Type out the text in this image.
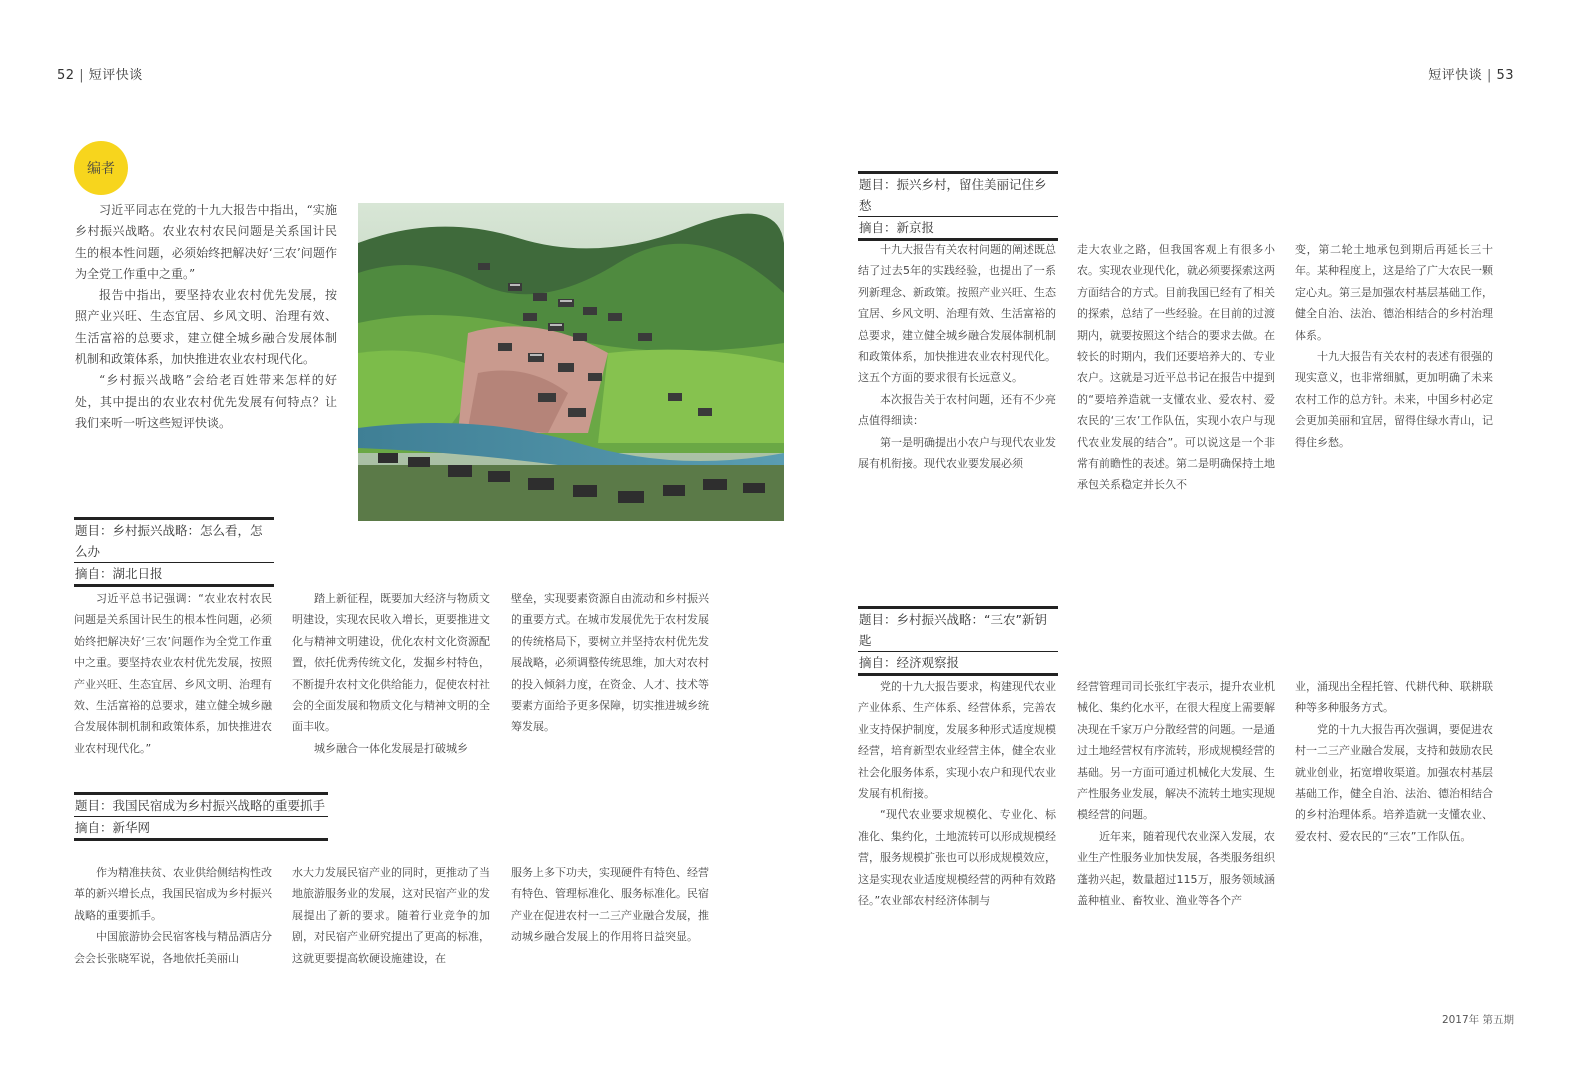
52 | 短评快谈	短评快谈 | 53
编者

习近平同志在党的十九大报告中指出，“实施乡村振兴战略。农业农村农民问题是关系国计民生的根本性问题，必须始终把解决好‘三农’问题作为全党工作重中之重。”

报告中指出，要坚持农业农村优先发展，按照产业兴旺、生态宜居、乡风文明、治理有效、生活富裕的总要求，建立健全城乡融合发展体制机制和政策体系，加快推进农业农村现代化。

“乡村振兴战略”会给老百姓带来怎样的好处，其中提出的农业农村优先发展有何特点？让我们来听一听这些短评快谈。

题目：乡村振兴战略：怎么看，怎么办
摘自：湖北日报

习近平总书记强调：“农业农村农民问题是关系国计民生的根本性问题，必须始终把解决好‘三农’问题作为全党工作重中之重。要坚持农业农村优先发展，按照产业兴旺、生态宜居、乡风文明、治理有效、生活富裕的总要求，建立健全城乡融合发展体制机制和政策体系，加快推进农业农村现代化。”

踏上新征程，既要加大经济与物质文明建设，实现农民收入增长，更要推进文化与精神文明建设，优化农村文化资源配置，依托优秀传统文化，发掘乡村特色，不断提升农村文化供给能力，促使农村社会的全面发展和物质文化与精神文明的全面丰收。

城乡融合一体化发展是打破城乡

壁垒，实现要素资源自由流动和乡村振兴的重要方式。在城市发展优先于农村发展的传统格局下，要树立并坚持农村优先发展战略，必须调整传统思维，加大对农村的投入倾斜力度，在资金、人才、技术等要素方面给予更多保障，切实推进城乡统筹发展。

题目：我国民宿成为乡村振兴战略的重要抓手
摘自：新华网

作为精准扶贫、农业供给侧结构性改革的新兴增长点，我国民宿成为乡村振兴战略的重要抓手。

中国旅游协会民宿客栈与精品酒店分会会长张晓军说，各地依托美丽山

水大力发展民宿产业的同时，更推动了当地旅游服务业的发展，这对民宿产业的发展提出了新的要求。随着行业竞争的加剧，对民宿产业研究提出了更高的标准，这就更要提高软硬设施建设，在

服务上多下功夫，实现硬件有特色、经营有特色、管理标准化、服务标准化。民宿产业在促进农村一二三产业融合发展，推动城乡融合发展上的作用将日益突显。

题目：振兴乡村，留住美丽记住乡愁
摘自：新京报

十九大报告有关农村问题的阐述既总结了过去5年的实践经验，也提出了一系列新理念、新政策。按照产业兴旺、生态宜居、乡风文明、治理有效、生活富裕的总要求，建立健全城乡融合发展体制机制和政策体系，加快推进农业农村现代化。这五个方面的要求很有长远意义。

本次报告关于农村问题，还有不少亮点值得细读：

第一是明确提出小农户与现代农业发展有机衔接。现代农业要发展必须

走大农业之路，但我国客观上有很多小农。实现农业现代化，就必须要探索这两方面结合的方式。目前我国已经有了相关的探索，总结了一些经验。在目前的过渡期内，就要按照这个结合的要求去做。在较长的时期内，我们还要培养大的、专业农户。这就是习近平总书记在报告中提到的“要培养造就一支懂农业、爱农村、爱农民的‘三农’工作队伍，实现小农户与现代农业发展的结合”。可以说这是一个非常有前瞻性的表述。第二是明确保持土地承包关系稳定并长久不

变，第二轮土地承包到期后再延长三十年。某种程度上，这是给了广大农民一颗定心丸。第三是加强农村基层基础工作，健全自治、法治、德治相结合的乡村治理体系。

十九大报告有关农村的表述有很强的现实意义，也非常细腻，更加明确了未来农村工作的总方针。未来，中国乡村必定会更加美丽和宜居，留得住绿水青山，记得住乡愁。

题目：乡村振兴战略：“三农”新钥匙
摘自：经济观察报

党的十九大报告要求，构建现代农业产业体系、生产体系、经营体系，完善农业支持保护制度，发展多种形式适度规模经营，培育新型农业经营主体，健全农业社会化服务体系，实现小农户和现代农业发展有机衔接。

“现代农业要求规模化、专业化、标准化、集约化，土地流转可以形成规模经营，服务规模扩张也可以形成规模效应，这是实现农业适度规模经营的两种有效路径。”农业部农村经济体制与

经营管理司司长张红宇表示，提升农业机械化、集约化水平，在很大程度上需要解决现在千家万户分散经营的问题。一是通过土地经营权有序流转，形成规模经营的基础。另一方面可通过机械化大发展、生产性服务业发展，解决不流转土地实现规模经营的问题。

近年来，随着现代农业深入发展，农业生产性服务业加快发展，各类服务组织蓬勃兴起，数量超过115万，服务领域涵盖种植业、畜牧业、渔业等各个产

业，涌现出全程托管、代耕代种、联耕联种等多种服务方式。

党的十九大报告再次强调，要促进农村一二三产业融合发展，支持和鼓励农民就业创业，拓宽增收渠道。加强农村基层基础工作，健全自治、法治、德治相结合的乡村治理体系。培养造就一支懂农业、爱农村、爱农民的“三农”工作队伍。

2017年 第五期
